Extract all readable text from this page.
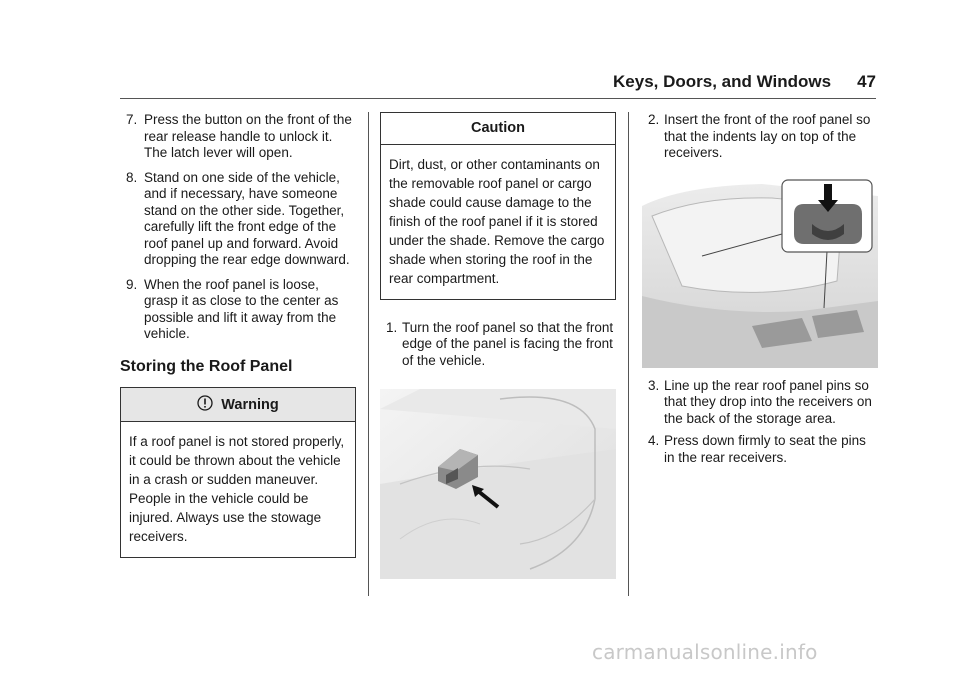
Keys, Doors, and Windows 47
7. Press the button on the front of the rear release handle to unlock it. The latch lever will open.
8. Stand on one side of the vehicle, and if necessary, have someone stand on the other side. Together, carefully lift the front edge of the roof panel up and forward. Avoid dropping the rear edge downward.
9. When the roof panel is loose, grasp it as close to the center as possible and lift it away from the vehicle.
Storing the Roof Panel
Warning
If a roof panel is not stored properly, it could be thrown about the vehicle in a crash or sudden maneuver. People in the vehicle could be injured. Always use the stowage receivers.
Caution
Dirt, dust, or other contaminants on the removable roof panel or cargo shade could cause damage to the finish of the roof panel if it is stored under the shade. Remove the cargo shade when storing the roof in the rear compartment.
1. Turn the roof panel so that the front edge of the panel is facing the front of the vehicle.
2. Insert the front of the roof panel so that the indents lay on top of the receivers.
3. Line up the rear roof panel pins so that they drop into the receivers on the back of the storage area.
4. Press down firmly to seat the pins in the rear receivers.
carmanualsonline.info
